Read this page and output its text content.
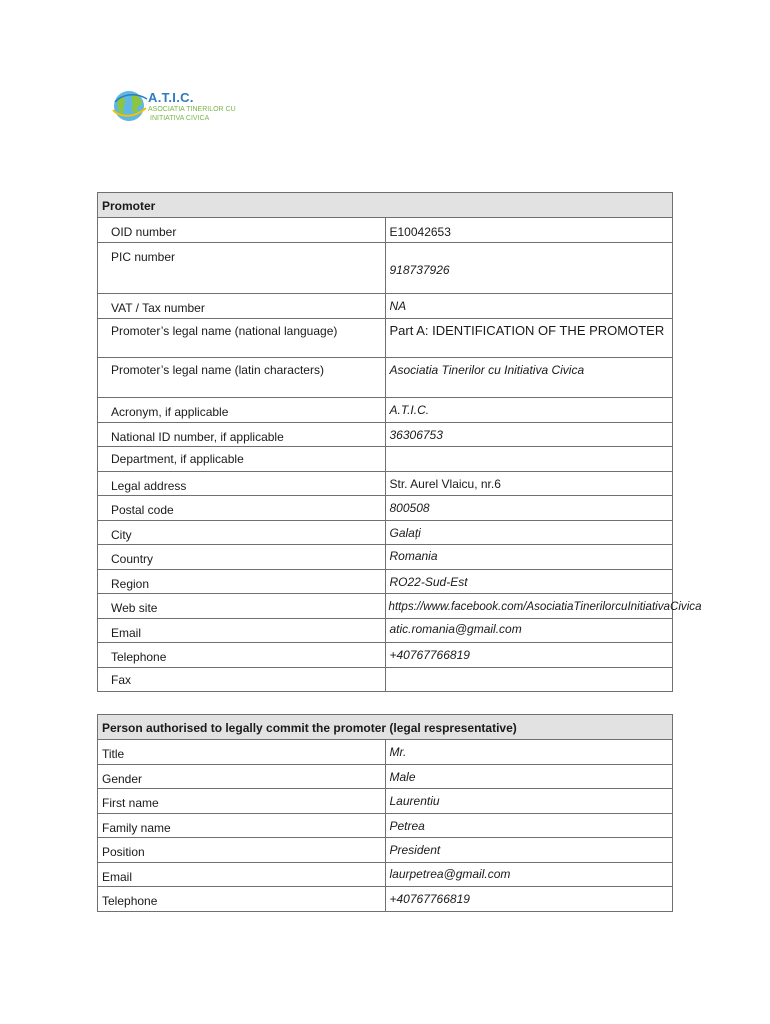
A.T.I.C.
ASOCIATIA TINERILOR CU
INITIATIVA CIVICA
Promoter	
OID number	E10042653
PIC number	918737926
VAT / Tax number	NA
Promoter’s legal name (national language)	Part A: IDENTIFICATION OF THE PROMOTER
Promoter’s legal name (latin characters)	Asociatia Tinerilor cu Initiativa Civica
Acronym, if applicable	A.T.I.C.
National ID number, if applicable	36306753
Department, if applicable	
Legal address	Str. Aurel Vlaicu, nr.6
Postal code	800508
City	Galați
Country	Romania
Region	RO22-Sud-Est
Web site	https://www.facebook.com/AsociatiaTinerilorcuInitiativaCivica
Email	atic.romania@gmail.com
Telephone	+40767766819
Fax	
Person authorised to legally commit the promoter (legal respresentative)	
Title	Mr.
Gender	Male
First name	Laurentiu
Family name	Petrea
Position	President
Email	laurpetrea@gmail.com
Telephone	+40767766819
